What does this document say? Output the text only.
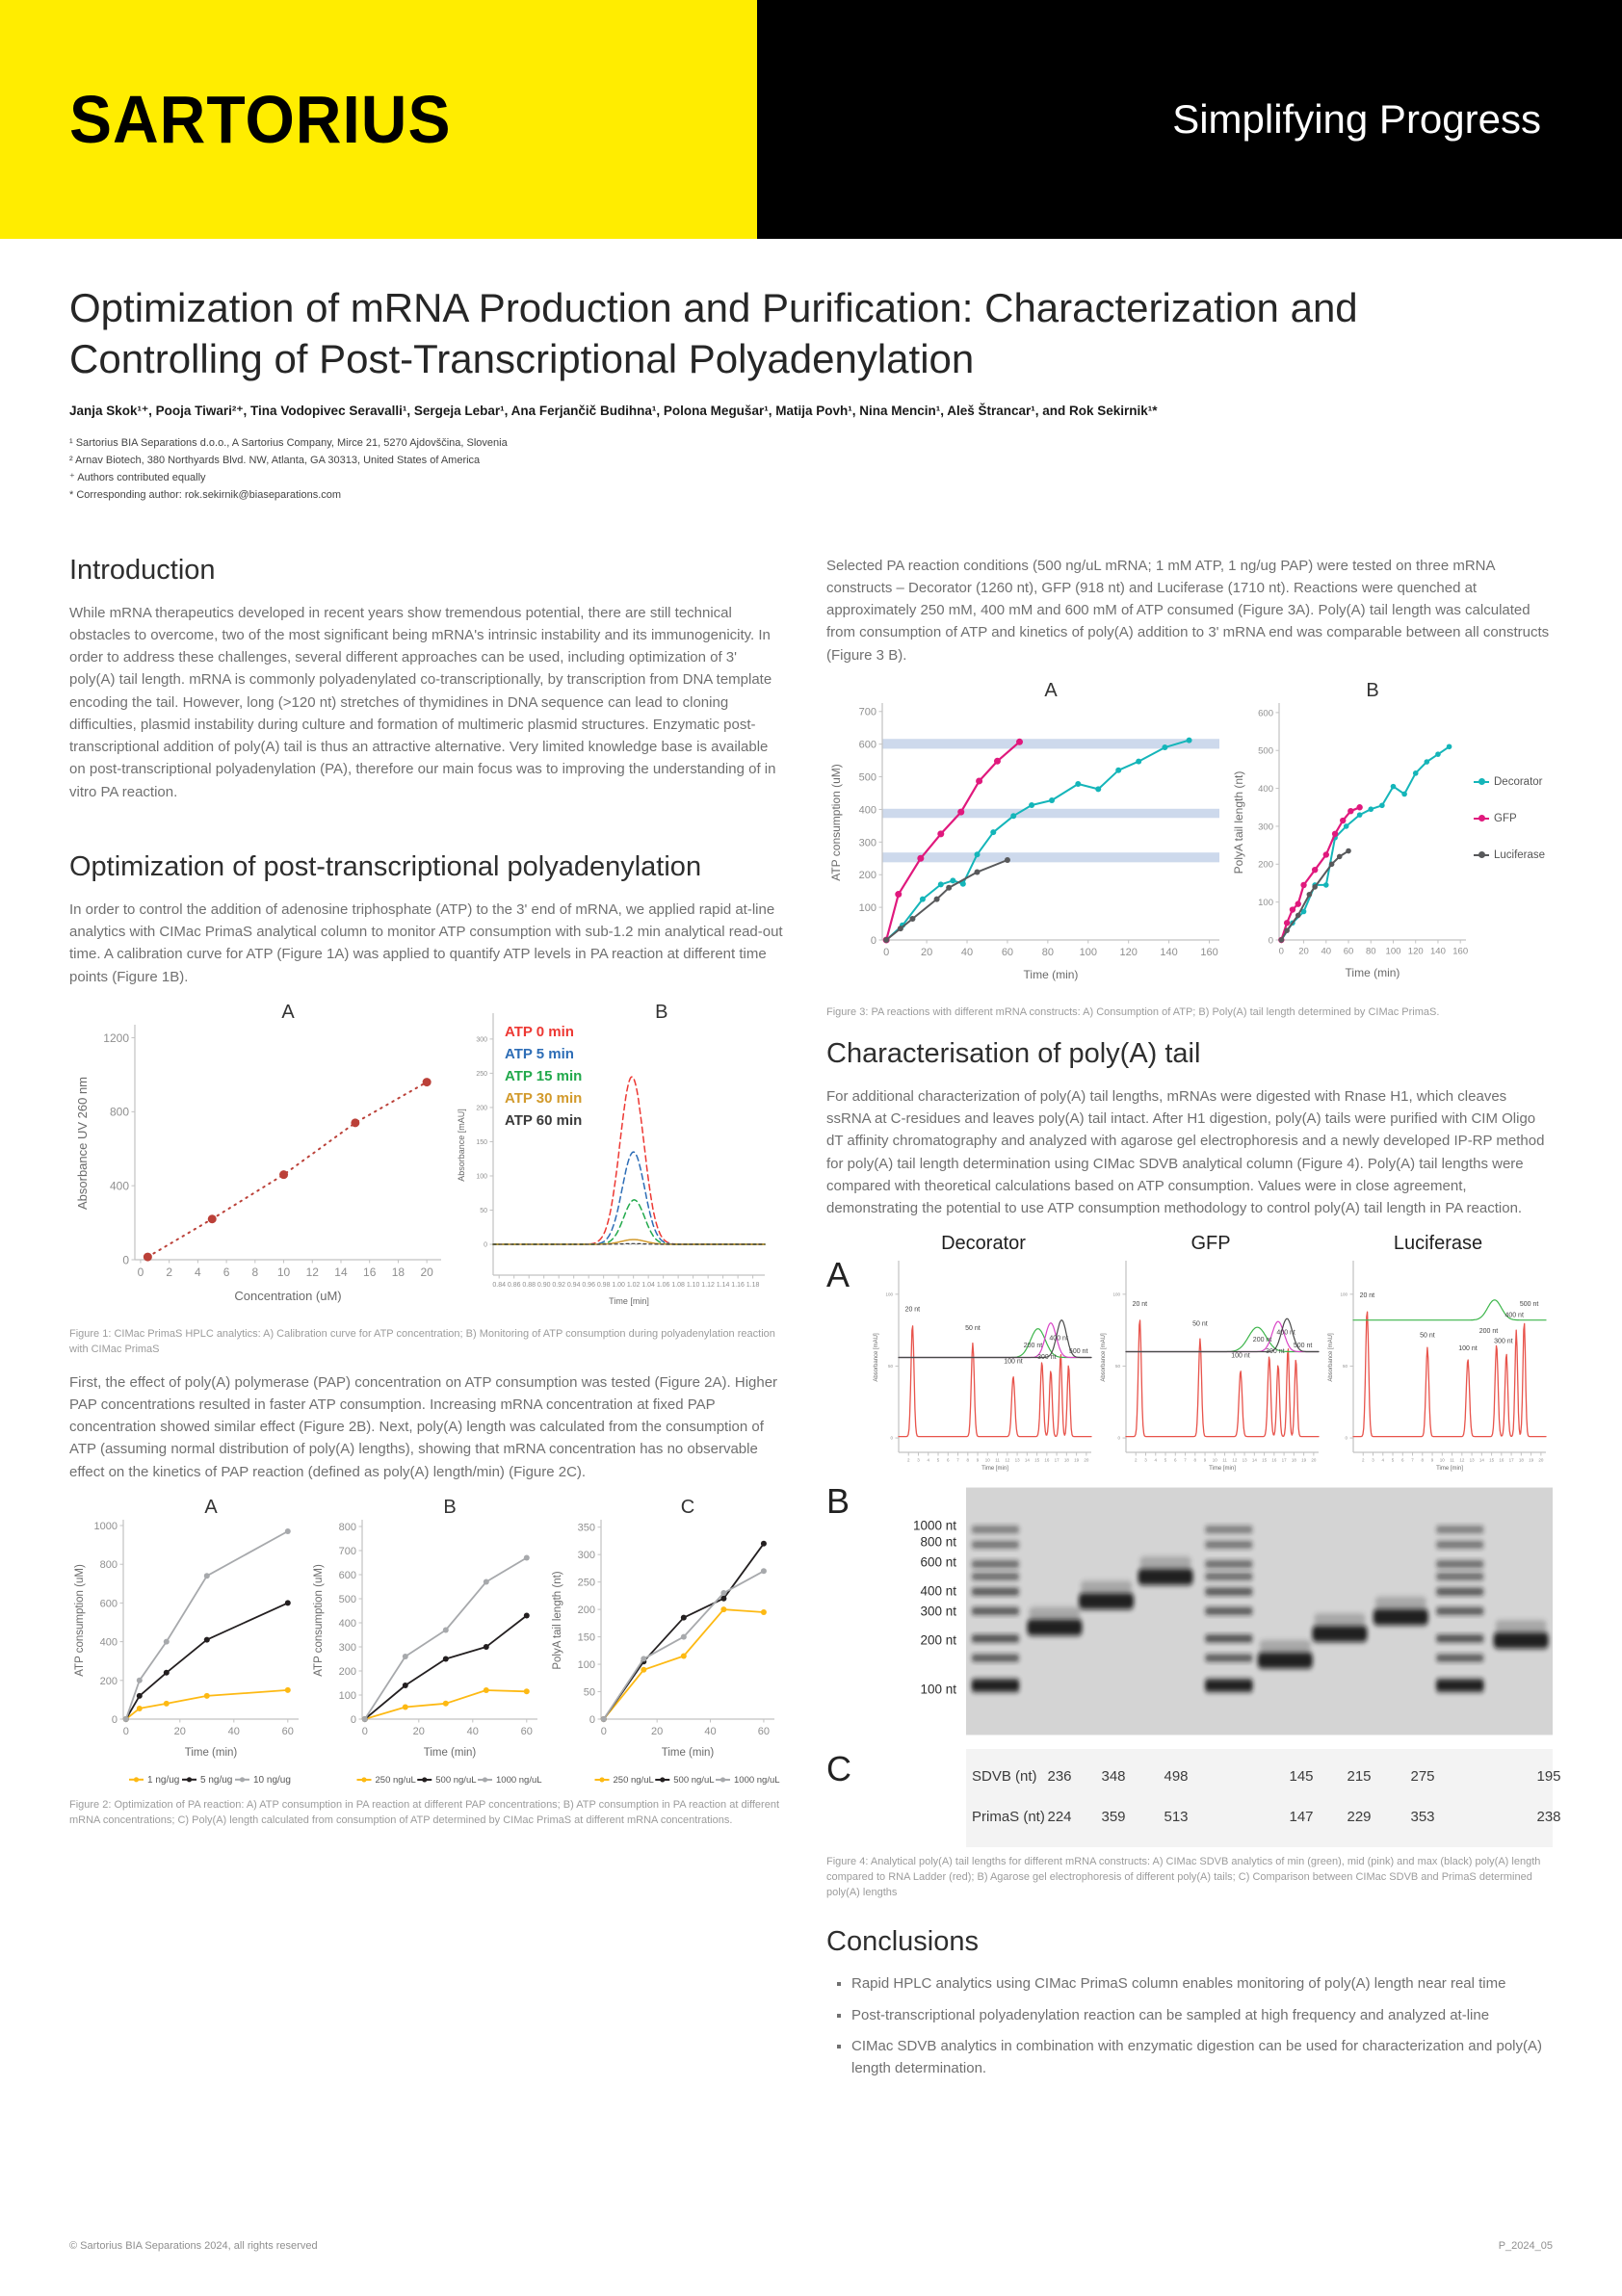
SARTORIUS	Simplifying Progress
Optimization of mRNA Production and Purification: Characterization and Controlling of Post-Transcriptional Polyadenylation
Janja Skok¹⁺, Pooja Tiwari²⁺, Tina Vodopivec Seravalli¹, Sergeja Lebar¹, Ana Ferjančič Budihna¹, Polona Megušar¹, Matija Povh¹, Nina Mencin¹, Aleš Štrancar¹, and Rok Sekirnik¹*
¹ Sartorius BIA Separations d.o.o., A Sartorius Company, Mirce 21, 5270 Ajdovščina, Slovenia
² Arnav Biotech, 380 Northyards Blvd. NW, Atlanta, GA 30313, United States of America
⁺ Authors contributed equally
* Corresponding author: rok.sekirnik@biaseparations.com
Introduction

While mRNA therapeutics developed in recent years show tremendous potential, there are still technical obstacles to overcome, two of the most significant being mRNA's intrinsic instability and its immunogenicity. In order to address these challenges, several different approaches can be used, including optimization of 3' poly(A) tail length. mRNA is commonly polyadenylated co-transcriptionally, by transcription from DNA template encoding the tail. However, long (>120 nt) stretches of thymidines in DNA sequence can lead to cloning difficulties, plasmid instability during culture and formation of multimeric plasmid structures. Enzymatic post-transcriptional addition of poly(A) tail is thus an attractive alternative. Very limited knowledge base is available on post-transcriptional polyadenylation (PA), therefore our main focus was to improving the understanding of in vitro PA reaction.

Optimization of post-transcriptional polyadenylation

In order to control the addition of adenosine triphosphate (ATP) to the 3' end of mRNA, we applied rapid at-line analytics with CIMac PrimaS analytical column to monitor ATP consumption with sub-1.2 min analytical read-out time. A calibration curve for ATP (Figure 1A) was applied to quantify ATP levels in PA reaction at different time points (Figure 1B).

0 2 4 6 8 10 12 14 16 18 20
0
400
800
1200
A
Concentration (uM)
Absorbance UV 260 nm
0.84 0.86 0.88 0.90 0.92 0.94 0.96 0.98 1.00 1.02 1.04 1.06 1.08 1.10 1.12 1.14 1.16 1.18
0
50
100
150
200
250
300
B
Time [min]
Absorbance [mAU]
ATP 0 min
ATP 5 min
ATP 15 min
ATP 30 min
ATP 60 min

Figure 1: CIMac PrimaS HPLC analytics: A) Calibration curve for ATP concentration; B) Monitoring of ATP consumption during polyadenylation reaction with CIMac PrimaS

First, the effect of poly(A) polymerase (PAP) concentration on ATP consumption was tested (Figure 2A). Higher PAP concentrations resulted in faster ATP consumption. Increasing mRNA concentration at fixed PAP concentration showed similar effect (Figure 2B). Next, poly(A) length was calculated from the consumption of ATP (assuming normal distribution of poly(A) lengths), showing that mRNA concentration has no observable effect on the kinetics of PAP reaction (defined as poly(A) length/min) (Figure 2C).

0	20	40	60
0
200
400
600
800
1000
A
Time (min)
ATP consumption (uM)
1 ng/ug 5 ng/ug 10 ng/ug
0	20	40	60
0
100
200
300
400
500
600
700
800
B
Time (min)
ATP consumption (uM)
250 ng/uL 500 ng/uL 1000 ng/uL
0	20	40	60
0
50
100
150
200
250
300
350
C
Time (min)
PolyA tail length (nt)
250 ng/uL 500 ng/uL 1000 ng/uL

Figure 2: Optimization of PA reaction: A) ATP consumption in PA reaction at different PAP concentrations; B) ATP consumption in PA reaction at different mRNA concentrations; C) Poly(A) length calculated from consumption of ATP determined by CIMac PrimaS at different mRNA concentrations.

Selected PA reaction conditions (500 ng/uL mRNA; 1 mM ATP, 1 ng/ug PAP) were tested on three mRNA constructs – Decorator (1260 nt), GFP (918 nt) and Luciferase (1710 nt). Reactions were quenched at approximately 250 mM, 400 mM and 600 mM of ATP consumed (Figure 3A). Poly(A) tail length was calculated from consumption of ATP and kinetics of poly(A) addition to 3' mRNA end was comparable between all constructs (Figure 3 B).

0	20	40	60	80 100 120 140 160
0
100
200
300
400
500
600
700
A
Time (min)
ATP consumption (uM)
0 20 40 60 80 100 120 140 160
0
100
200
300
400
500
600
B
Time (min)
PolyA tail length (nt)	Decorator
GFP
Luciferase

Figure 3: PA reactions with different mRNA constructs: A) Consumption of ATP; B) Poly(A) tail length determined by CIMac PrimaS.

Characterisation of poly(A) tail

For additional characterization of poly(A) tail lengths, mRNAs were digested with Rnase H1, which cleaves ssRNA at C-residues and leaves poly(A) tail intact. After H1 digestion, poly(A) tails were purified with CIM Oligo dT affinity chromatography and analyzed with agarose gel electrophoresis and a newly developed IP-RP method for poly(A) tail length determination using CIMac SDVB analytical column (Figure 4). Poly(A) tail lengths were compared with theoretical calculations based on ATP consumption. Values were in close agreement, demonstrating the potential to use ATP consumption methodology to control poly(A) tail length in PA reaction.

Decorator	GFP	Luciferase
A
2 3 4 5 6 7 8 9 10 11 12 13 14 15 16 17 18 19 20
0
50
100
20 nt
50 nt
100 nt
200 nt
300 nt
400 nt
500 nt
Time [min]
Absorbance [mAU]
2 3 4 5 6 7 8 9 10 11 12 13 14 15 16 17 18 19 20
0
50
100
20 nt
50 nt
100 nt
200 nt
300 nt
400 nt
500 nt
Time [min]
Absorbance [mAU]
2 3 4 5 6 7 8 9 10 11 12 13 14 15 16 17 18 19 20
0
50
100 20 nt
50 nt
100 nt
200 nt
300 nt
400 nt
500 nt
Time [min]
Absorbance [mAU]
B
1000 nt
800 nt
600 nt
400 nt
300 nt
200 nt
100 nt
C	SDVB (nt) 236 348	498	145 215	275	195
PrimaS (nt) 224 359	513	147 229	353	238

Figure 4: Analytical poly(A) tail lengths for different mRNA constructs: A) CIMac SDVB analytics of min (green), mid (pink) and max (black) poly(A) length compared to RNA Ladder (red); B) Agarose gel electrophoresis of different poly(A) tails; C) Comparison between CIMac SDVB and PrimaS determined poly(A) lengths

Conclusions
▪ Rapid HPLC analytics using CIMac PrimaS column enables monitoring of poly(A) length near real time
▪ Post-transcriptional polyadenylation reaction can be sampled at high frequency and analyzed at-line
▪ CIMac SDVB analytics in combination with enzymatic digestion can be used for characterization and poly(A) length determination.
© Sartorius BIA Separations 2024, all rights reserved	P_2024_05
